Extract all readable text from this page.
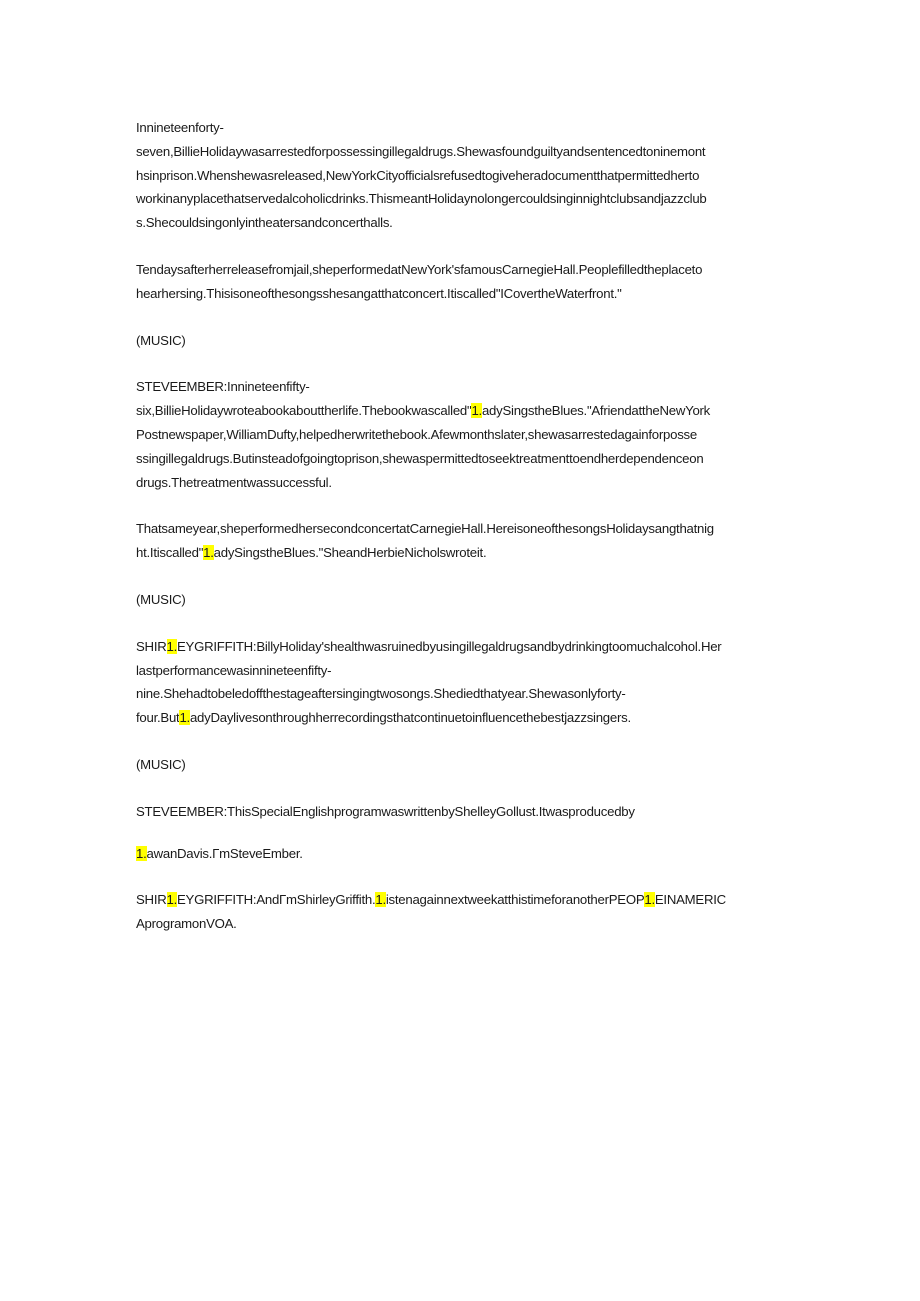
Innineteenforty-
seven,BillieHolidaywasarrestedforpossessingillegaldrugs.Shewasfoundguiltyandsentencedtoninemont
hsinprison.Whenshewasreleased,NewYorkCityofficialsrefusedtogiveheradocumentthatpermittedherto
workinanyplacethatservedalcoholicdrinks.ThismeantHolidaynolongercouldsinginnightclubsandjazzclub
s.Shecouldsingonlyintheatersandconcerthalls.
Tendaysafterherreleasefromjail,sheperformedatNewYork'sfamousCarnegieHall.Peoplefilledtheplaceto
hearhersing.Thisisoneofthesongsshesangatthatconcert.Itiscalled"ICovertheWaterfront."
(MUSIC)
STEVEEMBER:Innineteenfifty-
six,BillieHolidaywroteabookabouttherlife.Thebookwascalled"1.adySingstheBlues."AfriendattheNewYork
Postnewspaper,WilliamDufty,helpedherwritethebook.Afewmonthslater,shewasarrestedagainforposse
ssingillegaldrugs.Butinsteadofgoingtoprison,shewaspermittedtoseektreatmenttoendherdependenceon
drugs.Thetreatmentwassuccessful.
Thatsameyear,sheperformedhersecondconcertatCarnegieHall.HereisoneofthesongsHolidaysangthatnig
ht.Itiscalled"1.adySingstheBlues."SheandHerbieNicholswroteit.
(MUSIC)
SHIR1.EYGRIFFITH:BillyHoliday'shealthwasruinedbyusingillegaldrugsandbydrinkingtoomuchalcohol.Her
lastperformancewasinnineteenfifty-
nine.Shehadtobeledoffthestageaftersingingtwosongs.Shediedthatyear.Shewasonlyforty-
four.But1.adyDaylivesonthroughherrecordingsthatcontinuetoinfluencethebestjazzsingers.
(MUSIC)
STEVEEMBER:ThisSpecialEnglishprogramwaswrittenbyShelleyGollust.Itwasproducedby
1.awanDavis.ΓmSteveEmber.
SHIR1.EYGRIFFITH:AndΓmShirleyGriffith.1.istenagainnextweekatthistimeforanotherPEOP1.EINAMERIC
AprogramonVOA.
